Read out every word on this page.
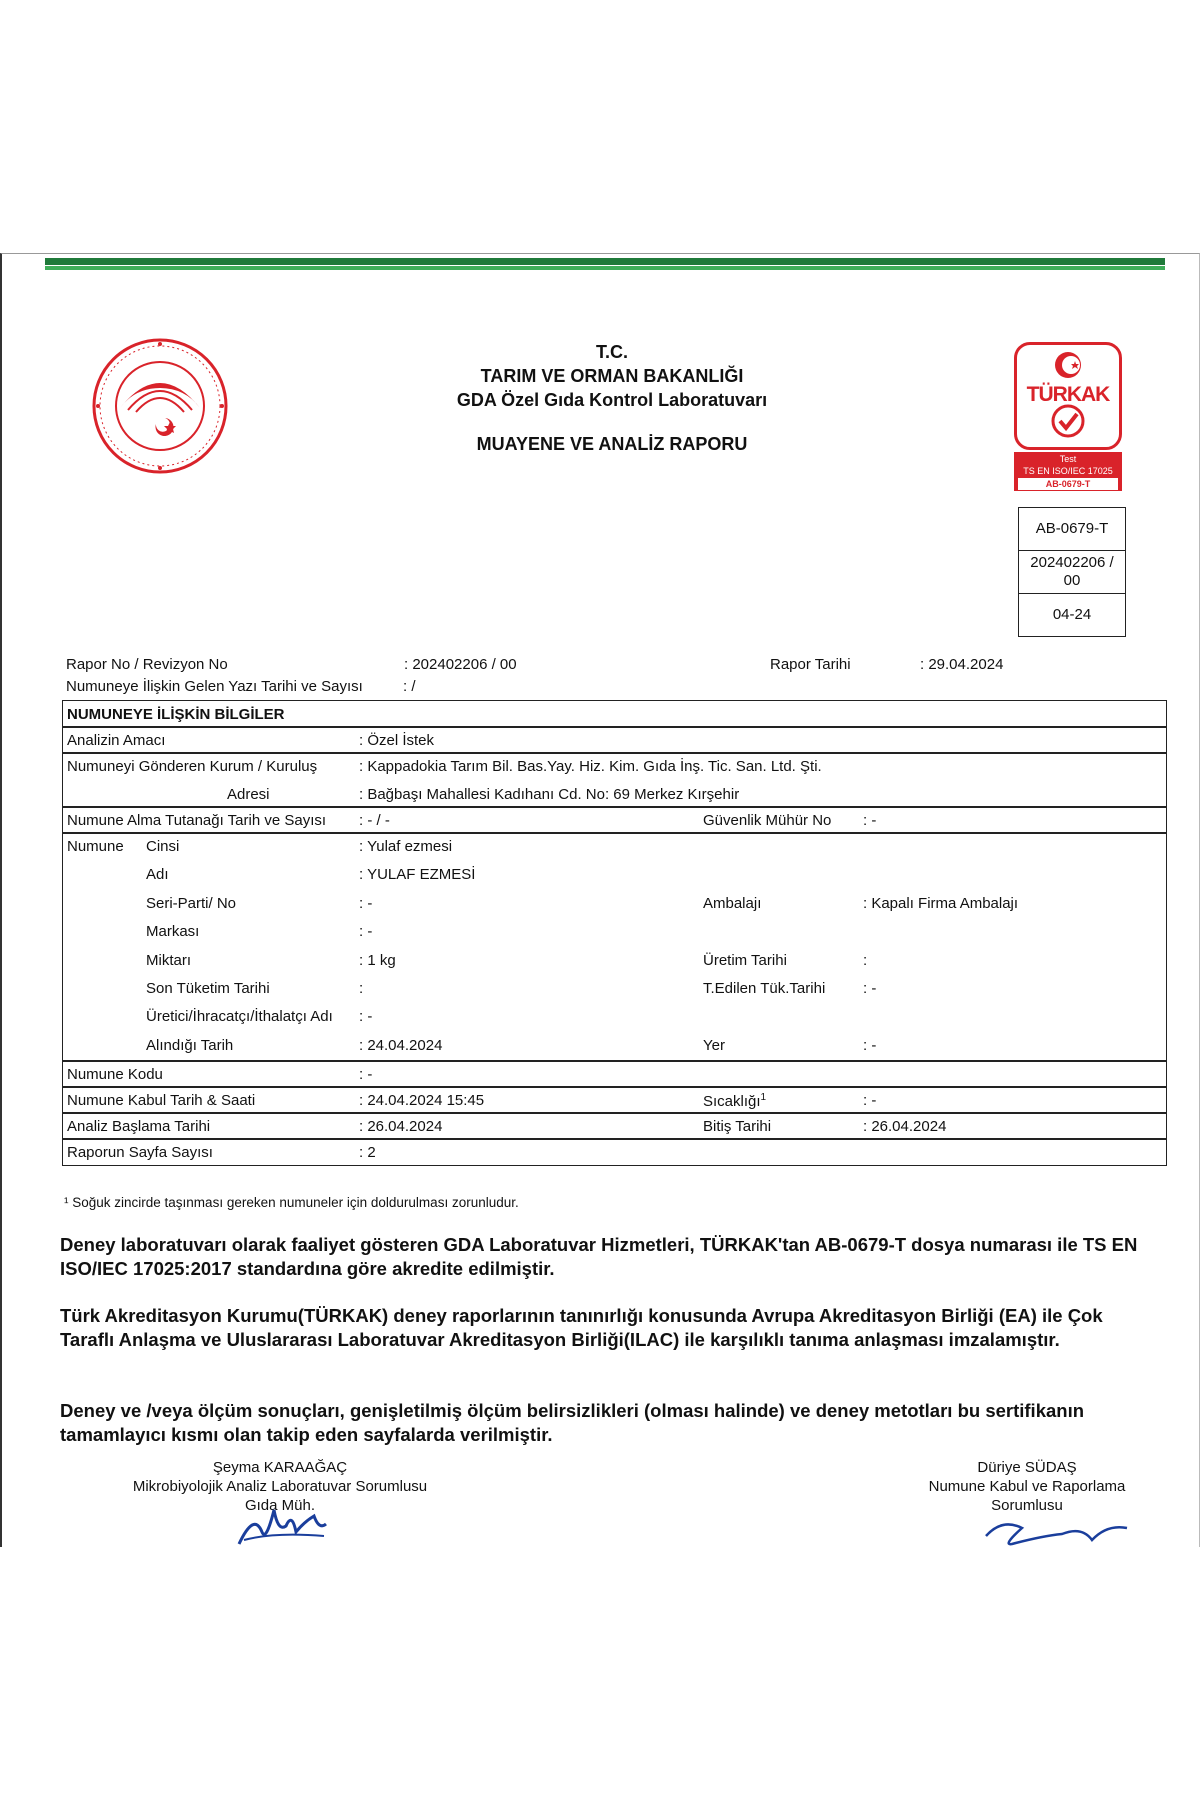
T.C.
TARIM VE ORMAN BAKANLIĞI
GDA Özel Gıda Kontrol Laboratuvarı
MUAYENE VE ANALİZ RAPORU
TÜRKAK
Test
TS EN ISO/IEC 17025
AB-0679-T
AB-0679-T
202402206 /
00
04-24
Rapor No / Revizyon No	: 202402206 / 00	Rapor Tarihi	: 29.04.2024
Numuneye İlişkin Gelen Yazı Tarihi ve Sayısı	: /
NUMUNEYE İLİŞKİN BİLGİLER
Analizin Amacı	: Özel İstek
Numuneyi Gönderen Kurum / Kuruluş	: Kappadokia Tarım Bil. Bas.Yay. Hiz. Kim. Gıda İnş. Tic. San. Ltd. Şti.
Adresi	: Bağbaşı Mahallesi Kadıhanı Cd. No: 69 Merkez Kırşehir
Numune Alma Tutanağı Tarih ve Sayısı : - / -	Güvenlik Mühür No : -
Numune Cinsi	: Yulaf ezmesi
Adı	: YULAF EZMESİ
Seri-Parti/ No	: -	Ambalajı	: Kapalı Firma Ambalajı
Markası	: -
Miktarı	: 1 kg	Üretim Tarihi	:
Son Tüketim Tarihi	:	T.Edilen Tük.Tarihi	: -
Üretici/İhracatçı/İthalatçı Adı : -
Alındığı Tarih	: 24.04.2024	Yer	: -
Numune Kodu	: -
Numune Kabul Tarih & Saati	: 24.04.2024 15:45	Sıcaklığı$^1$	: -
Analiz Başlama Tarihi	: 26.04.2024	Bitiş Tarihi	: 26.04.2024
Raporun Sayfa Sayısı	: 2
¹ Soğuk zincirde taşınması gereken numuneler için doldurulması zorunludur.
Deney laboratuvarı olarak faaliyet gösteren GDA Laboratuvar Hizmetleri, TÜRKAK'tan AB-0679-T dosya numarası ile TS EN ISO/IEC 17025:2017 standardına göre akredite edilmiştir.
Türk Akreditasyon Kurumu(TÜRKAK) deney raporlarının tanınırlığı konusunda Avrupa Akreditasyon Birliği (EA) ile Çok Taraflı Anlaşma ve Uluslararası Laboratuvar Akreditasyon Birliği(ILAC) ile karşılıklı tanıma anlaşması imzalamıştır.
Deney ve /veya ölçüm sonuçları, genişletilmiş ölçüm belirsizlikleri (olması halinde) ve deney metotları bu sertifikanın tamamlayıcı kısmı olan takip eden sayfalarda verilmiştir.
Şeyma KARAAĞAÇ
Mikrobiyolojik Analiz Laboratuvar Sorumlusu
Gıda Müh.
Düriye SÜDAŞ
Numune Kabul ve Raporlama
Sorumlusu
